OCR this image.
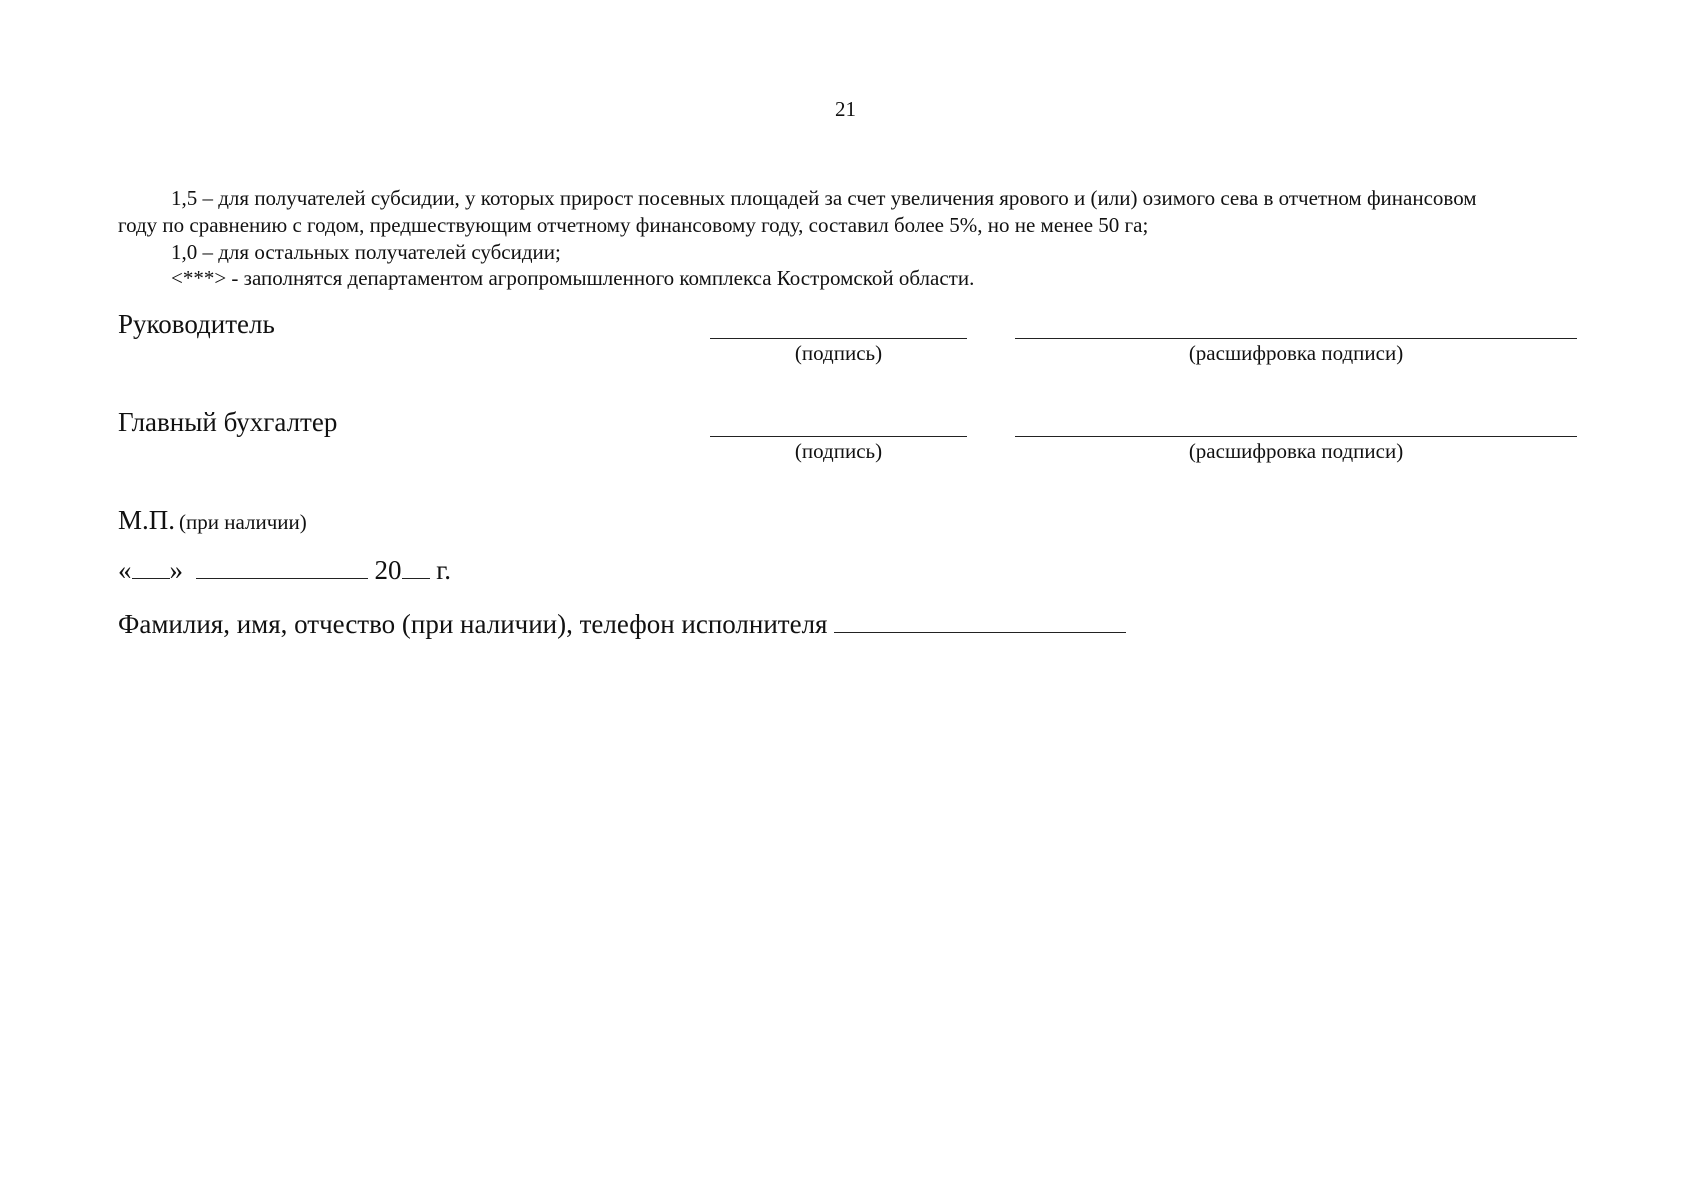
21
1,5 – для получателей субсидии, у которых прирост посевных площадей за счет увеличения ярового и (или) озимого сева в отчетном финансовом
году по сравнению с годом, предшествующим отчетному финансовому году, составил более 5%, но не менее 50 га;
1,0 – для остальных получателей субсидии;
<***> - заполнятся департаментом агропромышленного комплекса Костромской области.
Руководитель
(подпись)	(расшифровка подписи)
Главный бухгалтер
(подпись)	(расшифровка подписи)
М.П. (при наличии)
« »	20 г.
Фамилия, имя, отчество (при наличии), телефон исполнителя
